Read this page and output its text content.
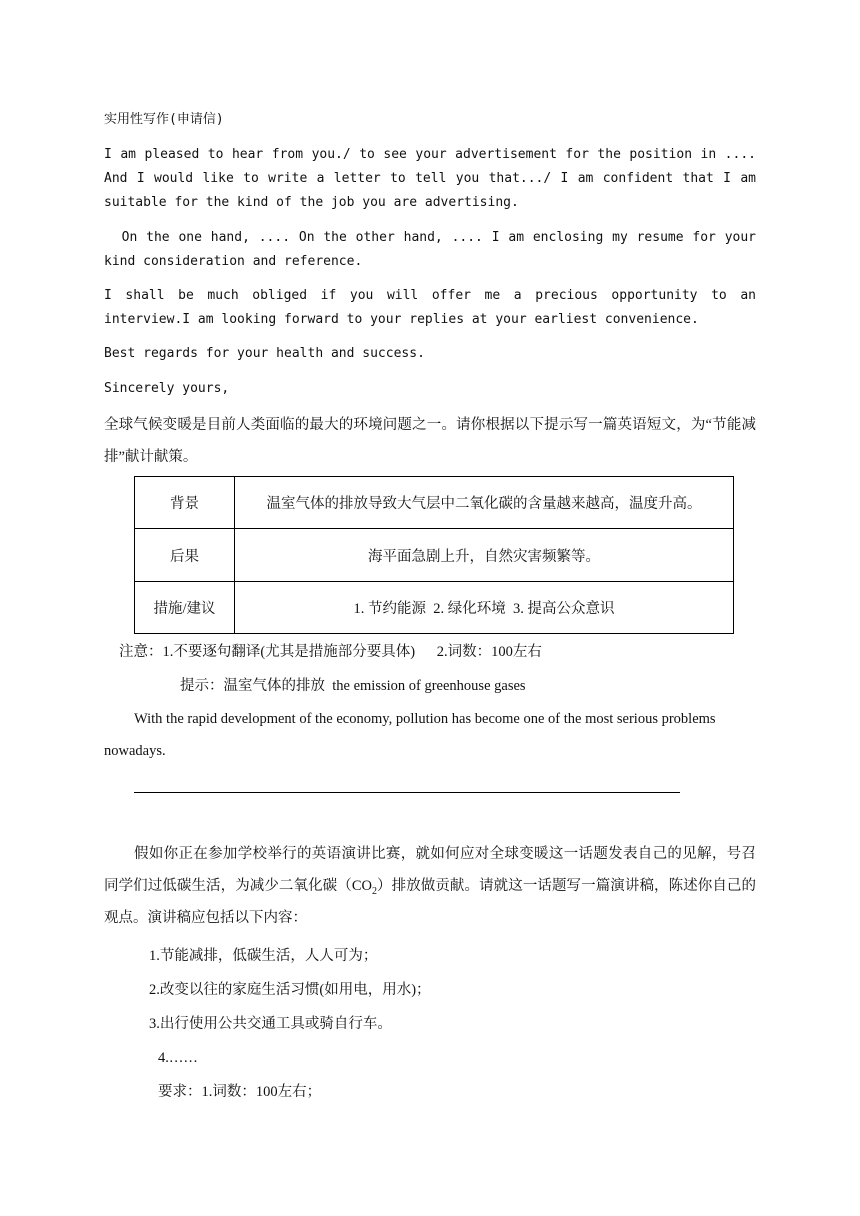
实用性写作(申请信)

I am pleased to hear from you./ to see your advertisement for the position in .... And I would like to write a letter to tell you that.../ I am confident that I am suitable for the kind of the job you are advertising.

On the one hand, .... On the other hand, .... I am enclosing my resume for your kind consideration and reference.

I shall be much obliged if you will offer me a precious opportunity to an interview.I am looking forward to your replies at your earliest convenience.

Best regards for your health and success.

Sincerely yours,

全球气候变暖是目前人类面临的最大的环境问题之一。请你根据以下提示写一篇英语短文，为“节能减排”献计献策。

背景	温室气体的排放导致大气层中二氧化碳的含量越来越高，温度升高。
后果	海平面急剧上升，自然灾害频繁等。
措施/建议	1. 节约能源  2. 绿化环境  3. 提高公众意识

注意：1.不要逐句翻译(尤其是措施部分要具体)      2.词数：100左右

提示：温室气体的排放  the emission of greenhouse gases

With the rapid development of the economy, pollution has become one of the most serious problems nowadays.

假如你正在参加学校举行的英语演讲比赛，就如何应对全球变暖这一话题发表自己的见解，号召同学们过低碳生活，为减少二氧化碳$(CO_2)$排放做贡献。请就这一话题写一篇演讲稿，陈述你自己的观点。演讲稿应包括以下内容：

1.节能减排，低碳生活，人人可为；

2.改变以往的家庭生活习惯(如用电，用水)；

3.出行使用公共交通工具或骑自行车。

4.……

要求：1.词数：100左右；
